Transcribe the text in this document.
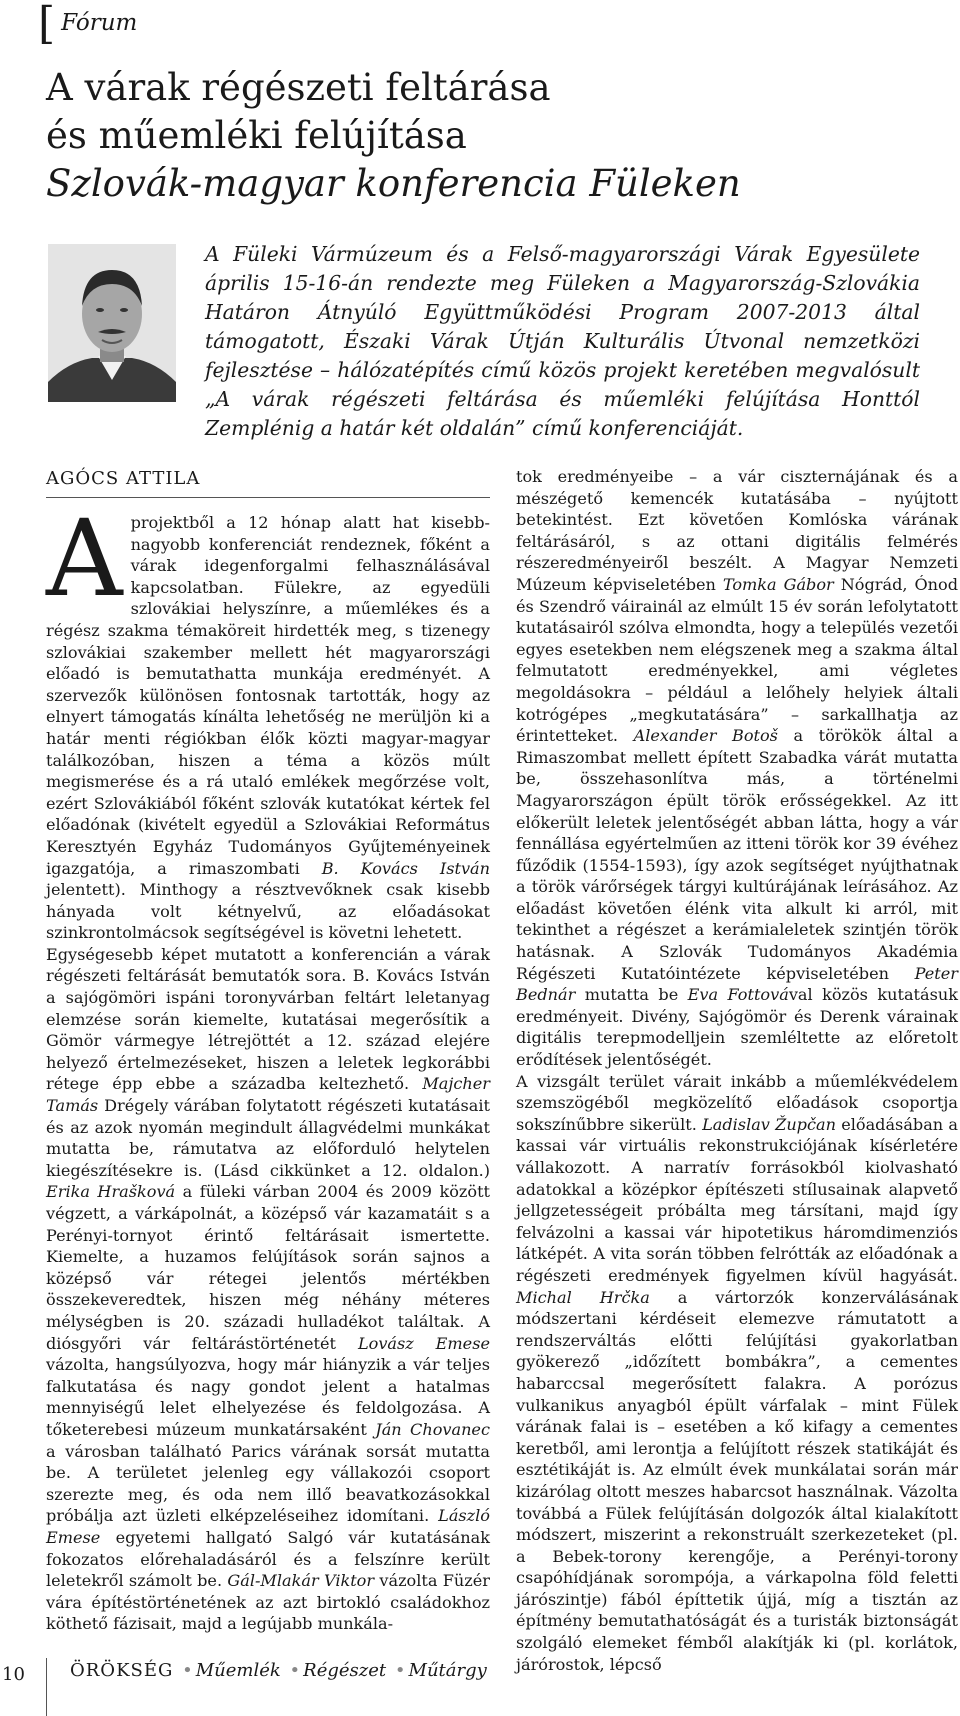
[ Fórum
A várak régészeti feltárása
és műemléki felújítása
Szlovák-magyar konferencia Füleken
A Füleki Vármúzeum és a Felső-magyarországi Várak Egyesülete április 15-16-án rendezte meg Füleken a Magyarország-Szlovákia Határon Átnyúló Együttműködési Program 2007-2013 által támogatott, Északi Várak Útján Kulturális Útvonal nemzetközi fejlesztése – hálózatépítés című közös projekt keretében megvalósult „A várak régészeti feltárása és műemléki felújítása Honttól Zemplénig a határ két oldalán” című konferenciáját.
AGÓCS ATTILA

Aprojektből a 12 hónap alatt hat kisebb-nagyobb konferenciát rendeznek, főként a várak idegenforgalmi felhasználásával kapcsolatban. Fülekre, az egyedüli szlovákiai helyszínre, a műemlékes és a régész szakma témaköreit hirdették meg, s tizenegy szlovákiai szakember mellett hét magyarországi előadó is bemutathatta munkája eredményét. A szervezők különösen fontosnak tartották, hogy az elnyert támogatás kínálta lehetőség ne merüljön ki a határ menti régiókban élők közti magyar-magyar találkozóban, hiszen a téma a közös múlt megismerése és a rá utaló emlékek megőrzése volt, ezért Szlovákiából főként szlovák kutatókat kértek fel előadónak (kivételt egyedül a Szlovákiai Református Keresztyén Egyház Tudományos Gyűjteményeinek igazgatója, a rimaszombati B. Kovács István jelentett). Minthogy a résztvevőknek csak kisebb hányada volt kétnyelvű, az előadásokat szinkrontolmácsok segítségével is követni lehetett.

Egységesebb képet mutatott a konferencián a várak régészeti feltárását bemutatók sora. B. Kovács István a sajógömöri ispáni toronyvárban feltárt leletanyag elemzése során kiemelte, kutatásai megerősítik a Gömör vármegye létrejöttét a 12. század elejére helyező értelmezéseket, hiszen a leletek legkorábbi rétege épp ebbe a századba keltezhető. Majcher Tamás Drégely várában folytatott régészeti kutatásait és az azok nyomán megindult állagvédelmi munkákat mutatta be, rámutatva az előforduló helytelen kiegészítésekre is. (Lásd cikkünket a 12. oldalon.) Erika Hrašková a füleki várban 2004 és 2009 között végzett, a várkápolnát, a középső vár kazamatáit s a Perényi-tornyot érintő feltárásait ismertette. Kiemelte, a huzamos felújítások során sajnos a középső vár rétegei jelentős mértékben összekeveredtek, hiszen még néhány méteres mélységben is 20. századi hulladékot találtak. A diósgyőri vár feltárástörténetét Lovász Emese vázolta, hangsúlyozva, hogy már hiányzik a vár teljes falkutatása és nagy gondot jelent a hatalmas mennyiségű lelet elhelyezése és feldolgozása. A tőketerebesi múzeum munkatársaként Ján Chovanec a városban található Parics várának sorsát mutatta be. A területet jelenleg egy vállakozói csoport szerezte meg, és oda nem illő beavatkozásokkal próbálja azt üzleti elképzeléseihez idomítani. László Emese egyetemi hallgató Salgó vár kutatásának fokozatos előrehaladásáról és a felszínre került leletekről számolt be. Gál-Mlakár Viktor vázolta Füzér vára építéstörténetének az azt birtokló családokhoz köthető fázisait, majd a legújabb munkála-

tok eredményeibe – a vár ciszternájának és a mészégető kemencék kutatásába – nyújtott betekintést. Ezt követően Komlóska várának feltárásáról, s az ottani digitális felmérés részeredményeiről beszélt. A Magyar Nemzeti Múzeum képviseletében Tomka Gábor Nógrád, Ónod és Szendrő váirainál az elmúlt 15 év során lefolytatott kutatásairól szólva elmondta, hogy a település vezetői egyes esetekben nem elégszenek meg a szakma által felmutatott eredményekkel, ami végletes megoldásokra – például a lelőhely helyiek általi kotrógépes „megkutatására” – sarkallhatja az érintetteket. Alexander Botoš a törökök által a Rimaszombat mellett épített Szabadka várát mutatta be, összehasonlítva más, a történelmi Magyarországon épült török erősségekkel. Az itt előkerült leletek jelentőségét abban látta, hogy a vár fennállása egyértelműen az itteni török kor 39 évéhez fűződik (1554-1593), így azok segítséget nyújthatnak a török várőrségek tárgyi kultúrájának leírásához. Az előadást követően élénk vita alkult ki arról, mit tekinthet a régészet a kerámialeletek szintjén török hatásnak. A Szlovák Tudományos Akadémia Régészeti Kutatóintézete képviseletében Peter Bednár mutatta be Eva Fottovával közös kutatásuk eredményeit. Divény, Sajógömör és Derenk várainak digitális terepmodelljein szemléltette az előretolt erődítések jelentőségét.

A vizsgált terület várait inkább a műemlékvédelem szemszögéből megközelítő előadások csoportja sokszínűbbre sikerült. Ladislav Župčan előadásában a kassai vár virtuális rekonstrukciójának kísérletére vállakozott. A narratív forrásokból kiolvasható adatokkal a középkor építészeti stílusainak alapvető jellgzetességeit próbálta meg társítani, majd így felvázolni a kassai vár hipotetikus háromdimenziós látképét. A vita során többen felrótták az előadónak a régészeti eredmények figyelmen kívül hagyását. Michal Hrčka a vártorzók konzerválásának módszertani kérdéseit elemezve rámutatott a rendszerváltás előtti felújítási gyakorlatban gyökerező „időzített bombákra”, a cementes habarccsal megerősített falakra. A porózus vulkanikus anyagból épült várfalak – mint Fülek várának falai is – esetében a kő kifagy a cementes keretből, ami lerontja a felújított részek statikáját és esztétikáját is. Az elmúlt évek munkálatai során már kizárólag oltott meszes habarcsot használnak. Vázolta továbbá a Fülek felújításán dolgozók által kialakított módszert, miszerint a rekonstruált szerkezeteket (pl. a Bebek-torony kerengője, a Perényi-torony csapóhídjának sorompója, a várkapolna föld feletti járószintje) fából építtetik újjá, míg a tisztán az építmény bemutathatóságát és a turisták biztonságát szolgáló elemeket fémből alakítják ki (pl. korlátok, járórostok, lépcső

10	ÖRÖKSÉG • Műemlék • Régészet • Műtárgy
